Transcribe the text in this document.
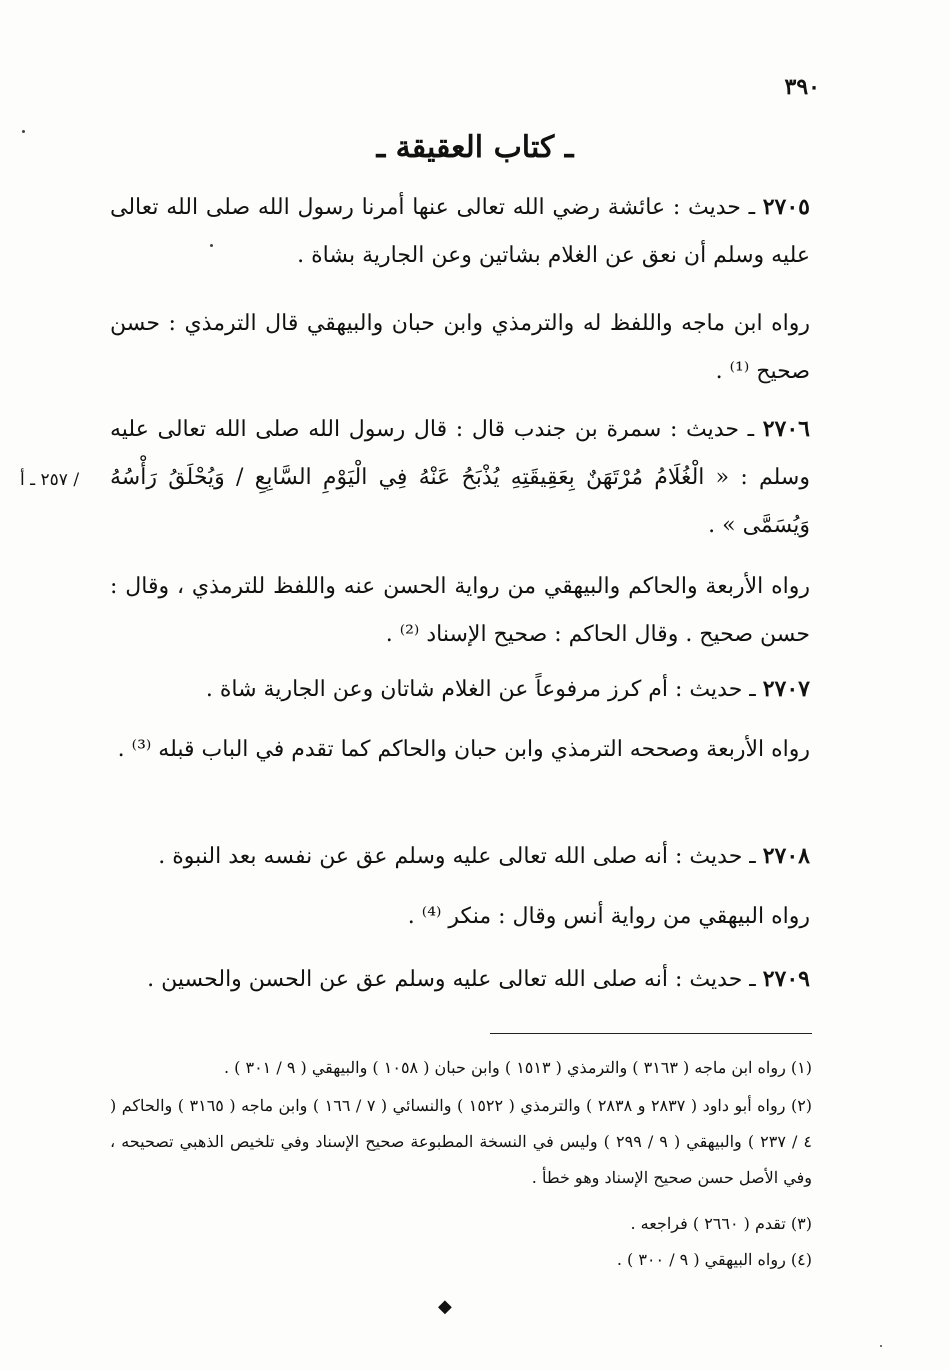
٣٩٠
ـ كتاب العقيقة ـ
٢٧٠٥ ـ حديث : عائشة رضي الله تعالى عنها أمرنا رسول الله صلى الله تعالى عليه وسلم أن نعق عن الغلام بشاتين وعن الجارية بشاة .
رواه ابن ماجه واللفظ له والترمذي وابن حبان والبيهقي قال الترمذي : حسن صحيح ⁽¹⁾ .
٢٧٠٦ ـ حديث : سمرة بن جندب قال : قال رسول الله صلى الله تعالى عليه وسلم : « الْغُلَامُ مُرْتَهَنٌ بِعَقِيقَتِهِ يُذْبَحُ عَنْهُ فِي الْيَوْمِ السَّابِعِ / وَيُحْلَقُ رَأْسُهُ وَيُسَمَّى » .
/ ٢٥٧ ـ أ
رواه الأربعة والحاكم والبيهقي من رواية الحسن عنه واللفظ للترمذي ، وقال : حسن صحيح . وقال الحاكم : صحيح الإسناد ⁽²⁾ .
٢٧٠٧ ـ حديث : أم كرز مرفوعاً عن الغلام شاتان وعن الجارية شاة .
رواه الأربعة وصححه الترمذي وابن حبان والحاكم كما تقدم في الباب قبله ⁽³⁾ .
٢٧٠٨ ـ حديث : أنه صلى الله تعالى عليه وسلم عق عن نفسه بعد النبوة .
رواه البيهقي من رواية أنس وقال : منكر ⁽⁴⁾ .
٢٧٠٩ ـ حديث : أنه صلى الله تعالى عليه وسلم عق عن الحسن والحسين .
(١) رواه ابن ماجه ( ٣١٦٣ ) والترمذي ( ١٥١٣ ) وابن حبان ( ١٠٥٨ ) والبيهقي ( ٩ / ٣٠١ ) .
(٢) رواه أبو داود ( ٢٨٣٧ و ٢٨٣٨ ) والترمذي ( ١٥٢٢ ) والنسائي ( ٧ / ١٦٦ ) وابن ماجه ( ٣١٦٥ ) والحاكم ( ٤ / ٢٣٧ ) والبيهقي ( ٩ / ٢٩٩ ) وليس في النسخة المطبوعة صحيح الإسناد وفي تلخيص الذهبي تصحيحه ، وفي الأصل حسن صحيح الإسناد وهو خطأ .
(٣) تقدم ( ٢٦٦٠ ) فراجعه .
(٤) رواه البيهقي ( ٩ / ٣٠٠ ) .
◆
